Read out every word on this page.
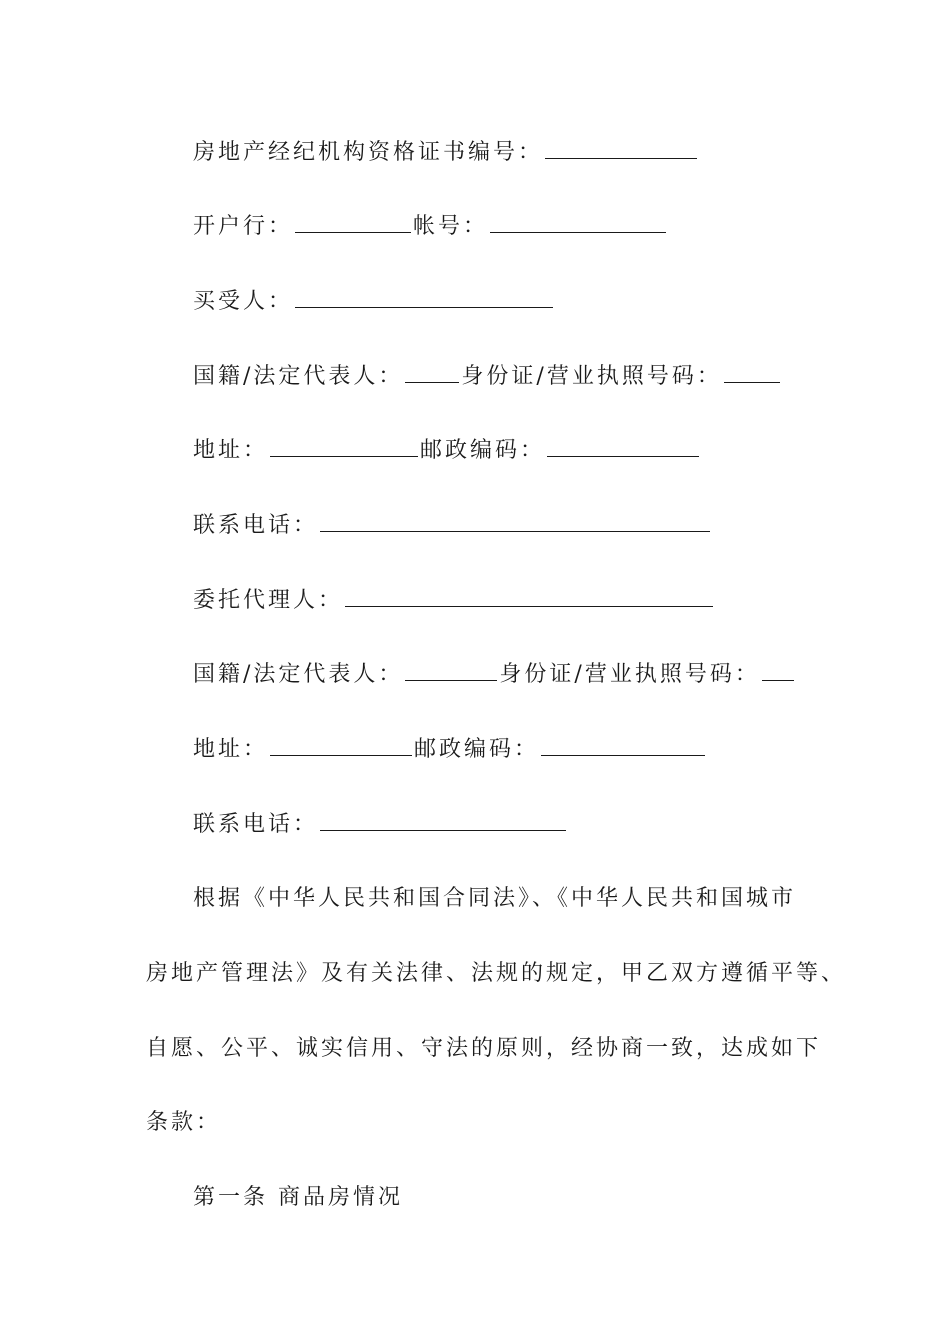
房地产经纪机构资格证书编号：
开户行：	帐号：
买受人：
国籍/法定代表人：	身份证/营业执照号码：
地址：	邮政编码：
联系电话：
委托代理人：
国籍/法定代表人：	身份证/营业执照号码：
地址：	邮政编码：
联系电话：
根据《中华人民共和国合同法》、《中华人民共和国城市
房地产管理法》及有关法律、法规的规定，甲乙双方遵循平等、
自愿、公平、诚实信用、守法的原则，经协商一致，达成如下
条款：
第一条 商品房情况
